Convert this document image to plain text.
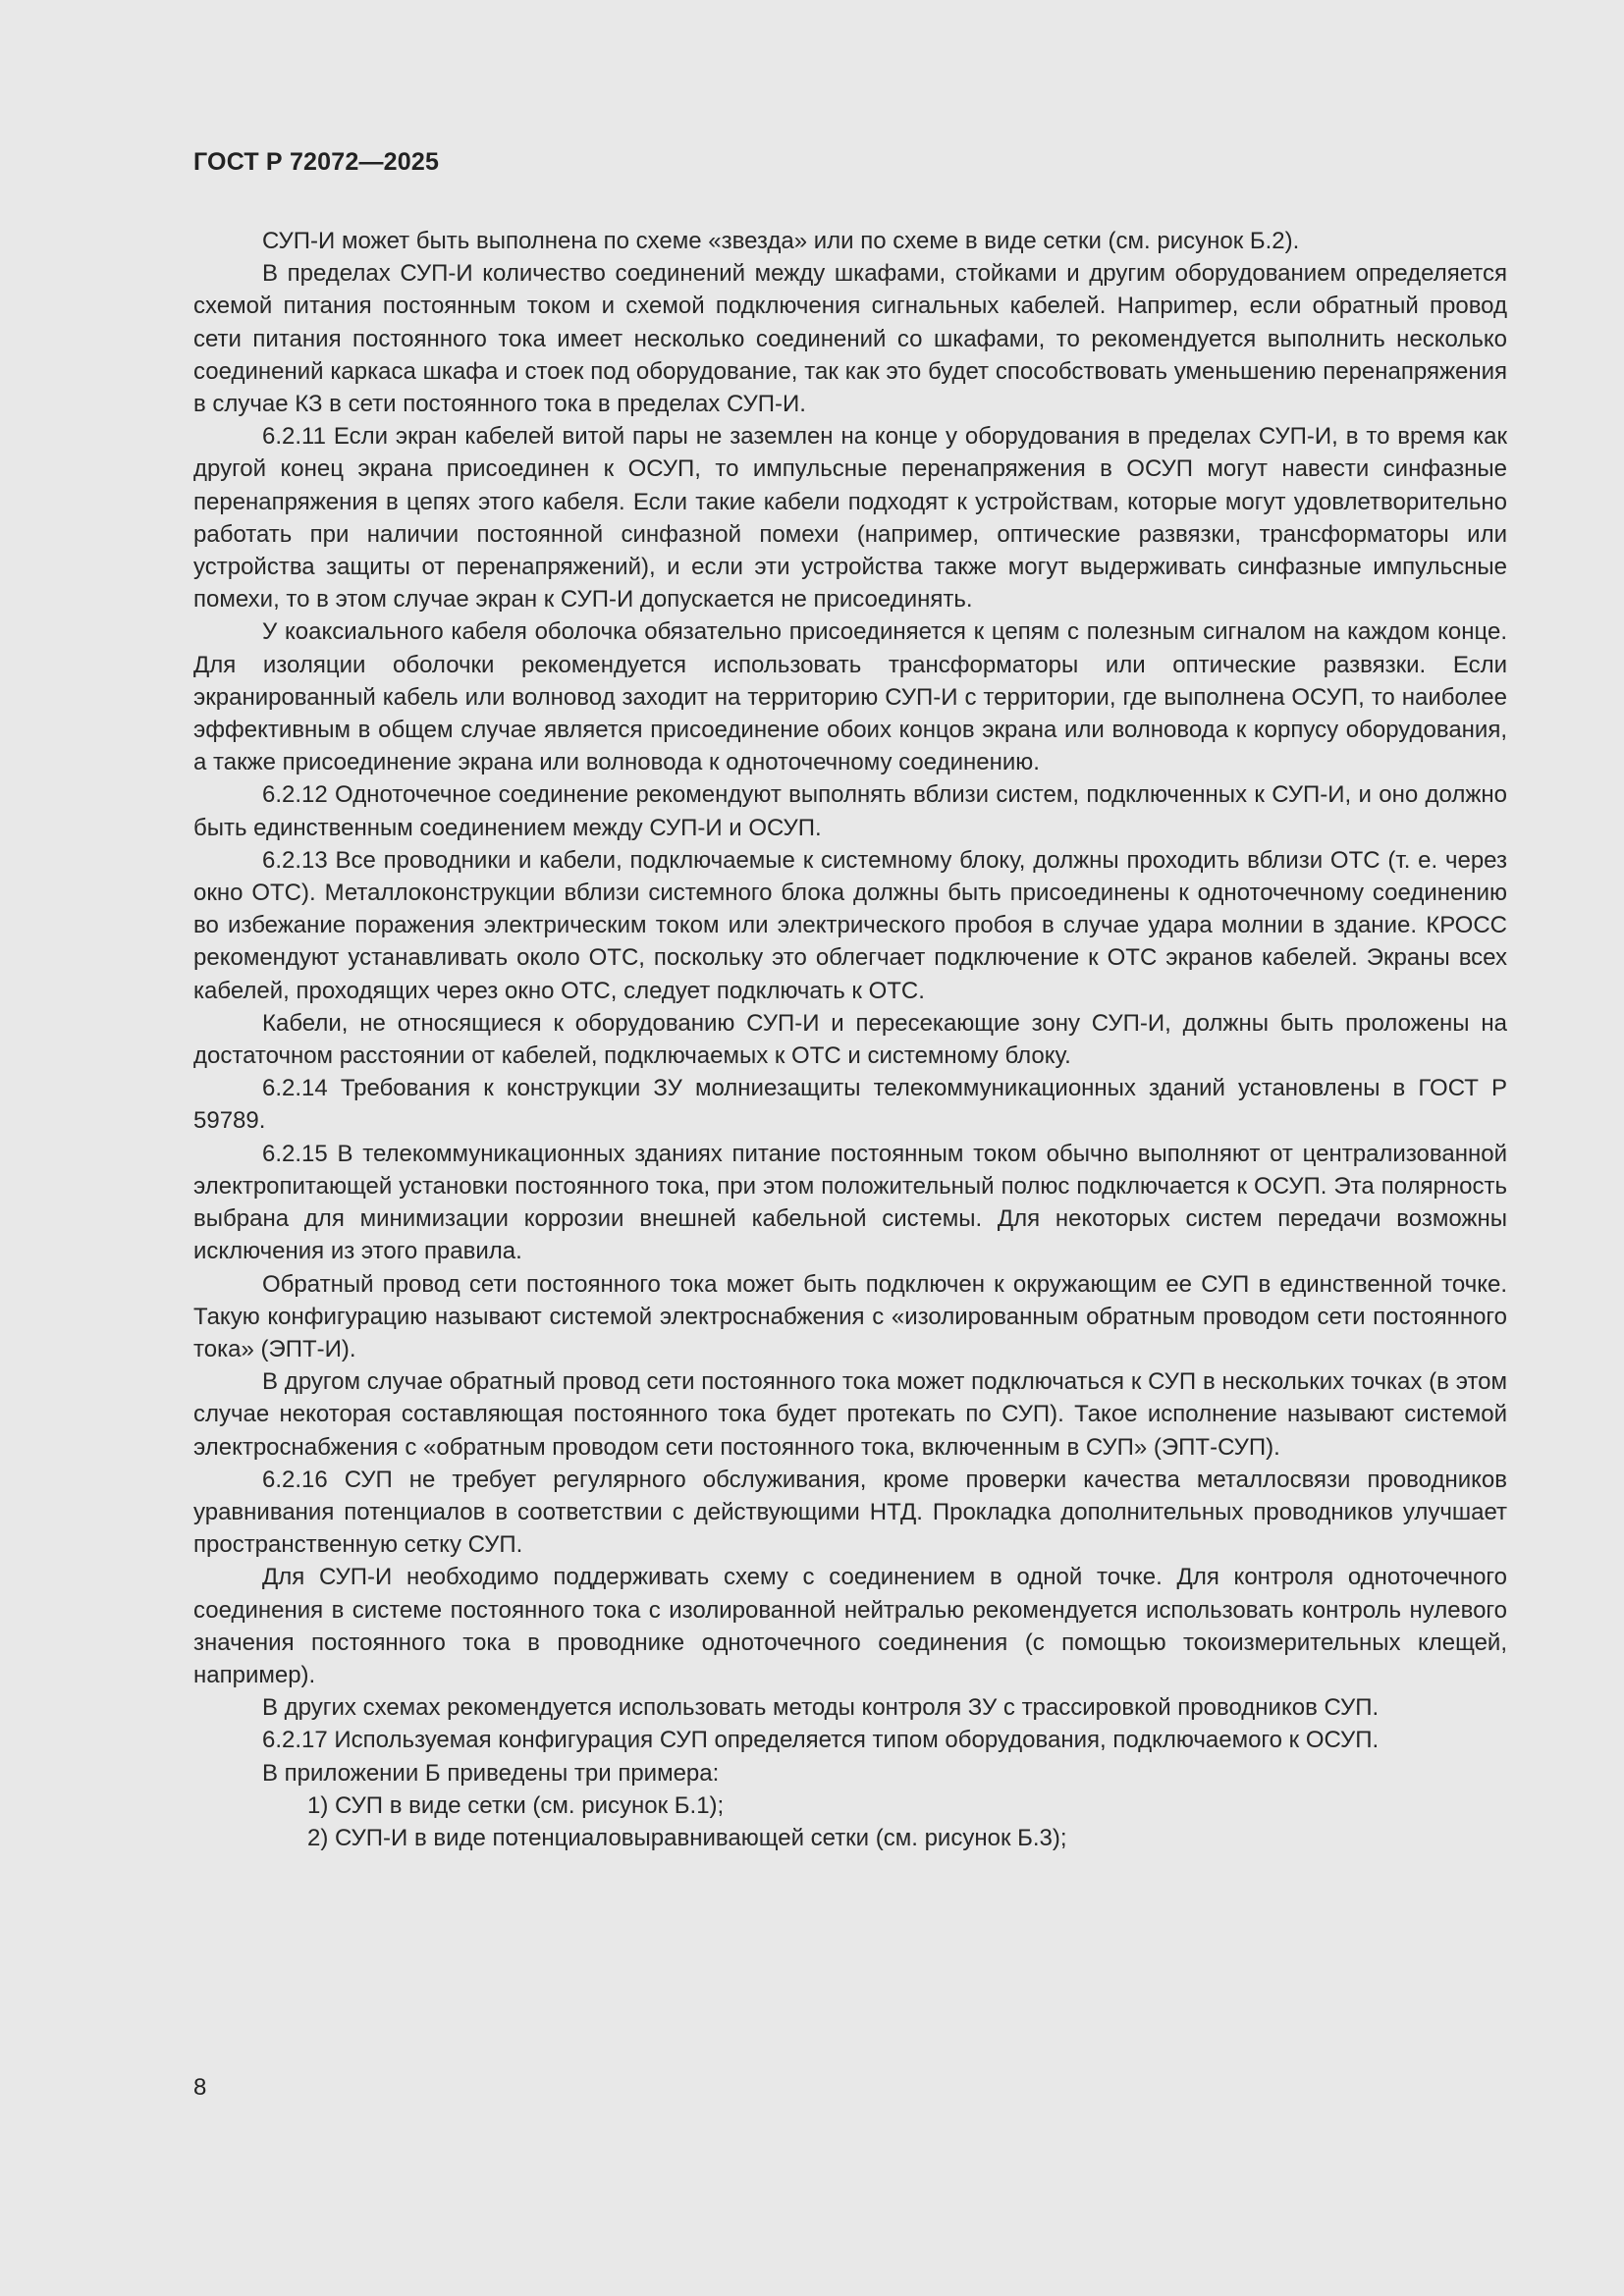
ГОСТ Р 72072—2025

СУП-И может быть выполнена по схеме «звезда» или по схеме в виде сетки (см. рисунок Б.2).

В пределах СУП-И количество соединений между шкафами, стойками и другим оборудованием определяется схемой питания постоянным током и схемой подключения сигнальных кабелей. Наприmер, если обратный провод сети питания постоянного тока имеет несколько соединений со шкафами, то рекомендуется выполнить несколько соединений каркаса шкафа и стоек под оборудование, так как это будет способствовать уменьшению перенапряжения в случае КЗ в сети постоянного тока в пределах СУП-И.

6.2.11 Если экран кабелей витой пары не заземлен на конце у оборудования в пределах СУП-И, в то время как другой конец экрана присоединен к ОСУП, то импульсные перенапряжения в ОСУП могут навести синфазные перенапряжения в цепях этого кабеля. Если такие кабели подходят к устройствам, которые могут удовлетворительно работать при наличии постоянной синфазной помехи (например, оптические развязки, трансформаторы или устройства защиты от перенапряжений), и если эти устройства также могут выдерживать синфазные импульсные помехи, то в этом случае экран к СУП-И допускается не присоединять.

У коаксиального кабеля оболочка обязательно присоединяется к цепям с полезным сигналом на каждом конце. Для изоляции оболочки рекомендуется использовать трансформаторы или оптические развязки. Если экранированный кабель или волновод заходит на территорию СУП-И с территории, где выполнена ОСУП, то наиболее эффективным в общем случае является присоединение обоих концов экрана или волновода к корпусу оборудования, а также присоединение экрана или волновода к одноточечному соединению.

6.2.12 Одноточечное соединение рекомендуют выполнять вблизи систем, подключенных к СУП-И, и оно должно быть единственным соединением между СУП-И и ОСУП.

6.2.13 Все проводники и кабели, подключаемые к системному блоку, должны проходить вблизи ОТС (т. е. через окно ОТС). Металлоконструкции вблизи системного блока должны быть присоединены к одноточечному соединению во избежание поражения электрическим током или электрического пробоя в случае удара молнии в здание. КРОСС рекомендуют устанавливать около ОТС, поскольку это облегчает подключение к ОТС экранов кабелей. Экраны всех кабелей, проходящих через окно ОТС, следует подключать к ОТС.

Кабели, не относящиеся к оборудованию СУП-И и пересекающие зону СУП-И, должны быть проложены на достаточном расстоянии от кабелей, подключаемых к ОТС и системному блоку.

6.2.14 Требования к конструкции ЗУ молниезащиты телекоммуникационных зданий установлены в ГОСТ Р 59789.

6.2.15 В телекоммуникационных зданиях питание постоянным током обычно выполняют от централизованной электропитающей установки постоянного тока, при этом положительный полюс подключается к ОСУП. Эта полярность выбрана для минимизации коррозии внешней кабельной системы. Для некоторых систем передачи возможны исключения из этого правила.

Обратный провод сети постоянного тока может быть подключен к окружающим ее СУП в единственной точке. Такую конфигурацию называют системой электроснабжения с «изолированным обратным проводом сети постоянного тока» (ЭПТ-И).

В другом случае обратный провод сети постоянного тока может подключаться к СУП в нескольких точках (в этом случае некоторая составляющая постоянного тока будет протекать по СУП). Такое исполнение называют системой электроснабжения с «обратным проводом сети постоянного тока, включенным в СУП» (ЭПТ-СУП).

6.2.16 СУП не требует регулярного обслуживания, кроме проверки качества металлосвязи проводников уравнивания потенциалов в соответствии с действующими НТД. Прокладка дополнительных проводников улучшает пространственную сетку СУП.

Для СУП-И необходимо поддерживать схему с соединением в одной точке. Для контроля одноточечного соединения в системе постоянного тока с изолированной нейтралью рекомендуется использовать контроль нулевого значения постоянного тока в проводнике одноточечного соединения (с помощью токоизмерительных клещей, например).

В других схемах рекомендуется использовать методы контроля ЗУ с трассировкой проводников СУП.

6.2.17 Используемая конфигурация СУП определяется типом оборудования, подключаемого к ОСУП.

В приложении Б приведены три примера:

1) СУП в виде сетки (см. рисунок Б.1);

2) СУП-И в виде потенциаловыравнивающей сетки (см. рисунок Б.3);

8
